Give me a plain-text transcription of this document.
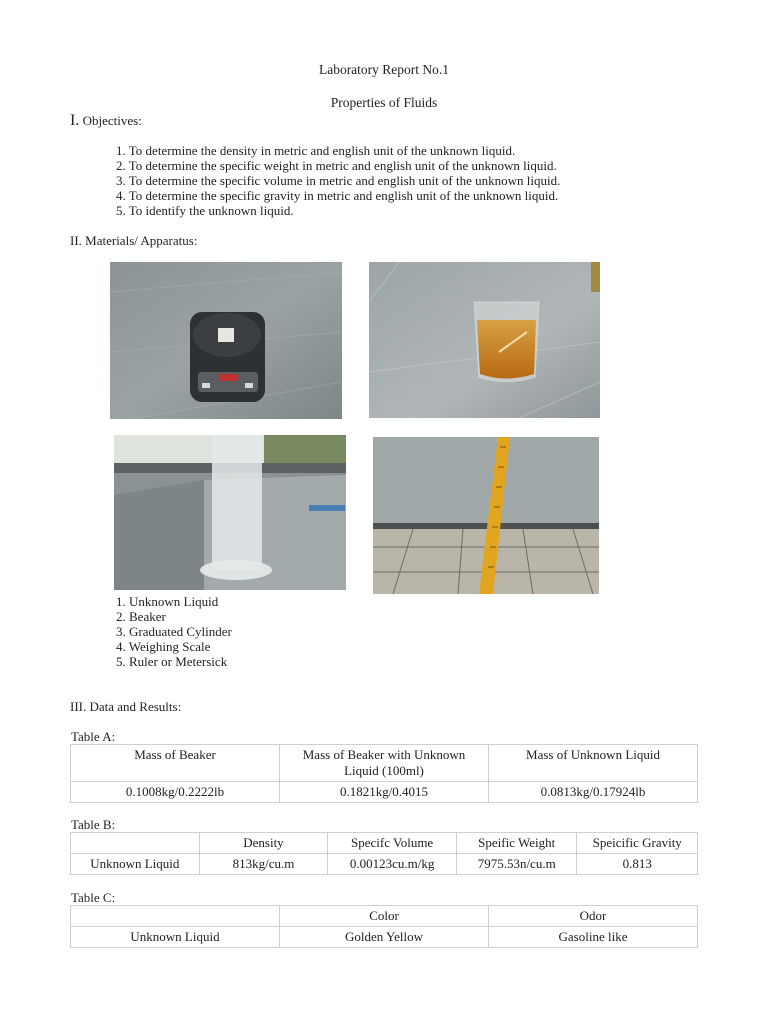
Laboratory Report No.1
Properties of Fluids
I. Objectives:
1. To determine the density in metric and english unit of the unknown liquid.
2. To determine the specific weight in metric and english unit of the unknown liquid.
3. To determine the specific volume in metric and english unit of the unknown liquid.
4. To determine the specific gravity in metric and english unit of the unknown liquid.
5. To identify the unknown liquid.
II. Materials/ Apparatus:
1. Unknown Liquid
2. Beaker
3. Graduated Cylinder
4. Weighing Scale
5. Ruler or Metersick
III. Data and Results:
Table A:
Mass of Beaker	Mass of Beaker with Unknown Liquid (100ml)	Mass of Unknown Liquid
0.1008kg/0.2222lb	0.1821kg/0.4015	0.0813kg/0.17924lb
Table B:
	Density	Specifc Volume	Speific Weight	Speicific Gravity
Unknown Liquid	813kg/cu.m	0.00123cu.m/kg	7975.53n/cu.m	0.813
Table C:
	Color	Odor
Unknown Liquid	Golden Yellow	Gasoline like
